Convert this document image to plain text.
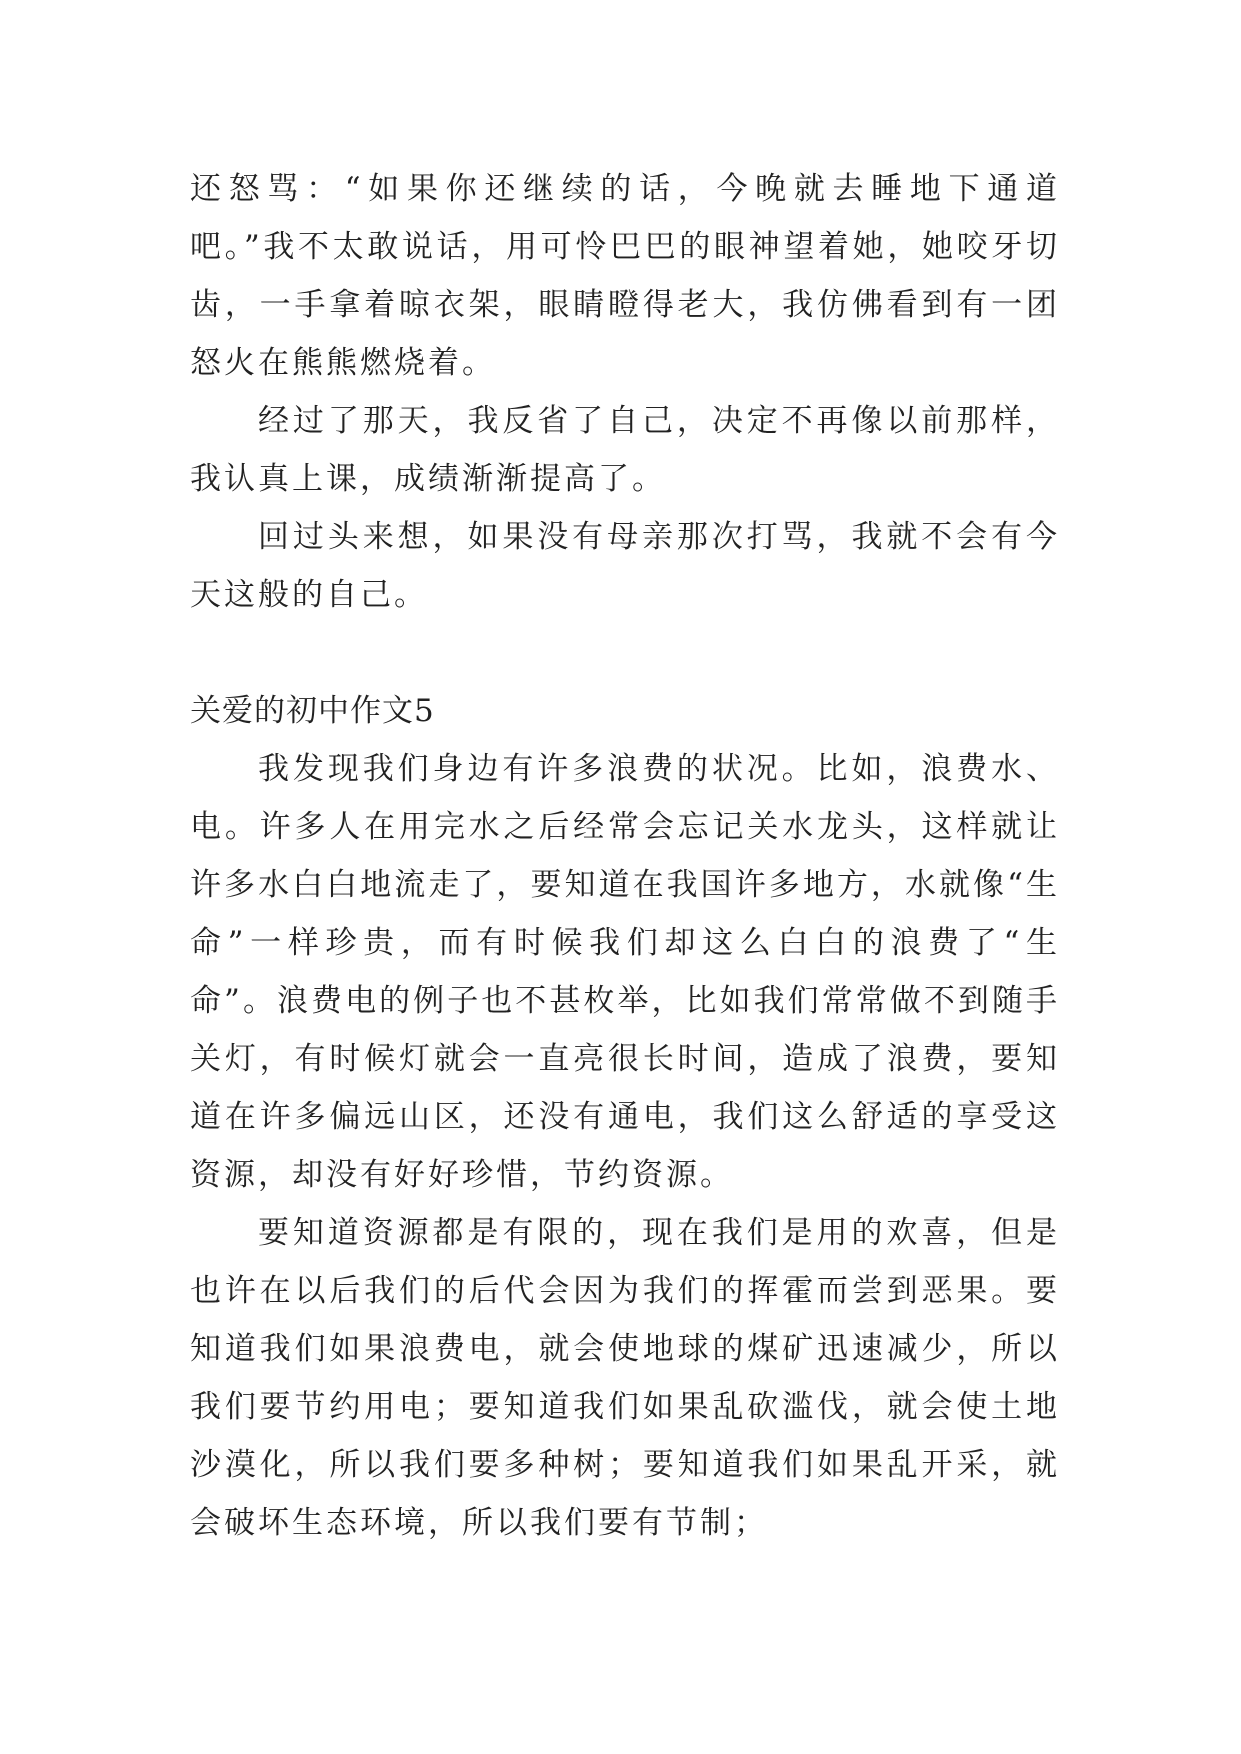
还怒骂：“如果你还继续的话，今晚就去睡地下通道吧。”我不太敢说话，用可怜巴巴的眼神望着她，她咬牙切齿，一手拿着晾衣架，眼睛瞪得老大，我仿佛看到有一团怒火在熊熊燃烧着。

经过了那天，我反省了自己，决定不再像以前那样，我认真上课，成绩渐渐提高了。

回过头来想，如果没有母亲那次打骂，我就不会有今天这般的自己。

关爱的初中作文5

我发现我们身边有许多浪费的状况。比如，浪费水、电。许多人在用完水之后经常会忘记关水龙头，这样就让许多水白白地流走了，要知道在我国许多地方，水就像“生命”一样珍贵，而有时候我们却这么白白的浪费了“生命”。浪费电的例子也不甚枚举，比如我们常常做不到随手关灯，有时候灯就会一直亮很长时间，造成了浪费，要知道在许多偏远山区，还没有通电，我们这么舒适的享受这资源，却没有好好珍惜，节约资源。

要知道资源都是有限的，现在我们是用的欢喜，但是也许在以后我们的后代会因为我们的挥霍而尝到恶果。要知道我们如果浪费电，就会使地球的煤矿迅速减少，所以我们要节约用电；要知道我们如果乱砍滥伐，就会使土地沙漠化，所以我们要多种树；要知道我们如果乱开采，就会破坏生态环境，所以我们要有节制；
